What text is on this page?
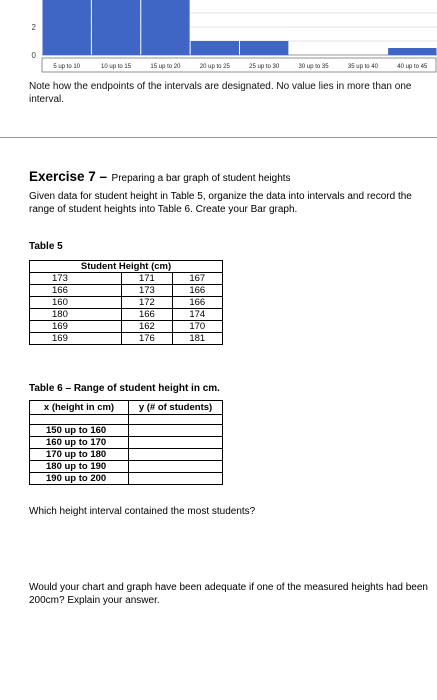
2
0
5 up to 10	10 up to 15	15 up to 20	20 up to 25	25 up to 30	30 up to 35	35 up to 40	40 up to 45
Note how the endpoints of the intervals are designated. No value lies in more than one interval.
Exercise 7 – Preparing a bar graph of student heights
Given data for student height in Table 5, organize the data into intervals and record the range of student heights into Table 6. Create your Bar graph.
Table 5
Student Height (cm)		
173	171	167
166	173	166
160	172	166
180	166	174
169	162	170
169	176	181
Table 6 – Range of student height in cm.
x (height in cm)	y (# of students)

150 up to 160	
160 up to 170	
170 up to 180	
180 up to 190	
190 up to 200	
Which height interval contained the most students?
Would your chart and graph have been adequate if one of the measured heights had been 200cm? Explain your answer.
